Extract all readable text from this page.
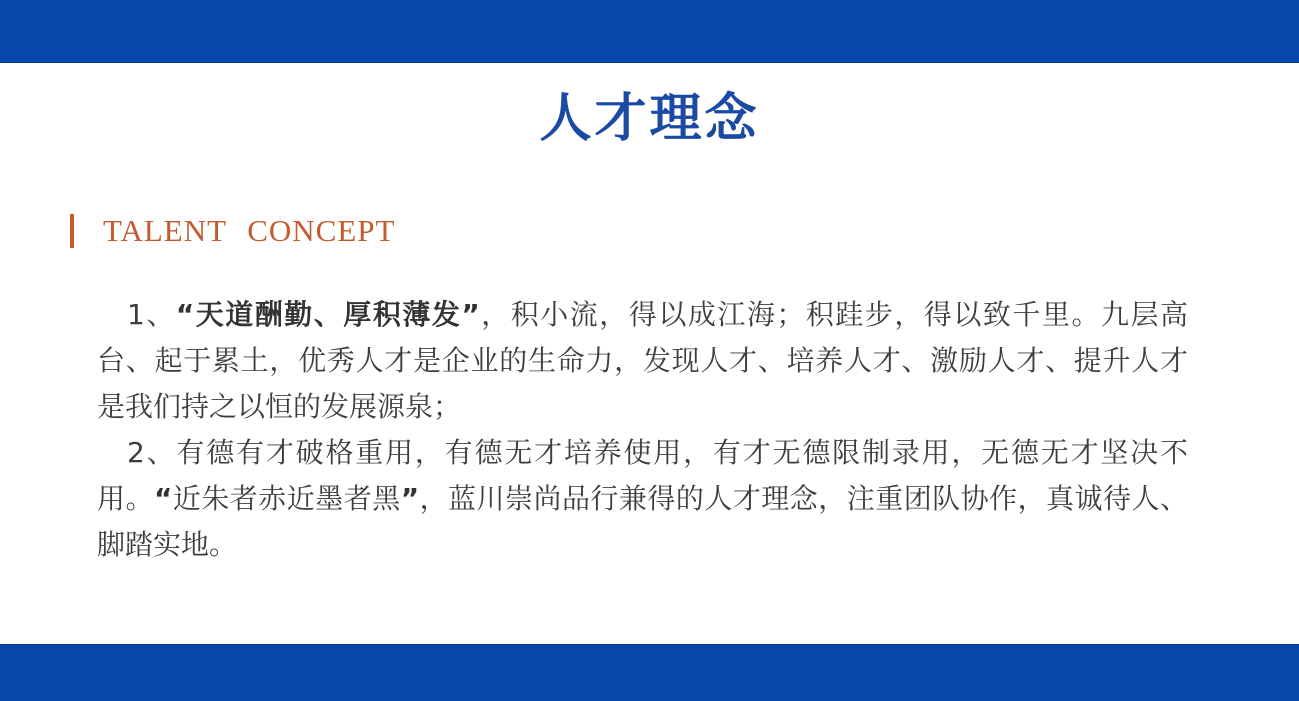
人才理念
TALENT CONCEPT

1、“天道酬勤、厚积薄发”，积小流，得以成江海；积跬步，得以致千里。九层高台、起于累土，优秀人才是企业的生命力，发现人才、培养人才、激励人才、提升人才是我们持之以恒的发展源泉；

2、有德有才破格重用，有德无才培养使用，有才无德限制录用，无德无才坚决不用。“近朱者赤近墨者黑”，蓝川崇尚品行兼得的人才理念，注重团队协作，真诚待人、脚踏实地。
